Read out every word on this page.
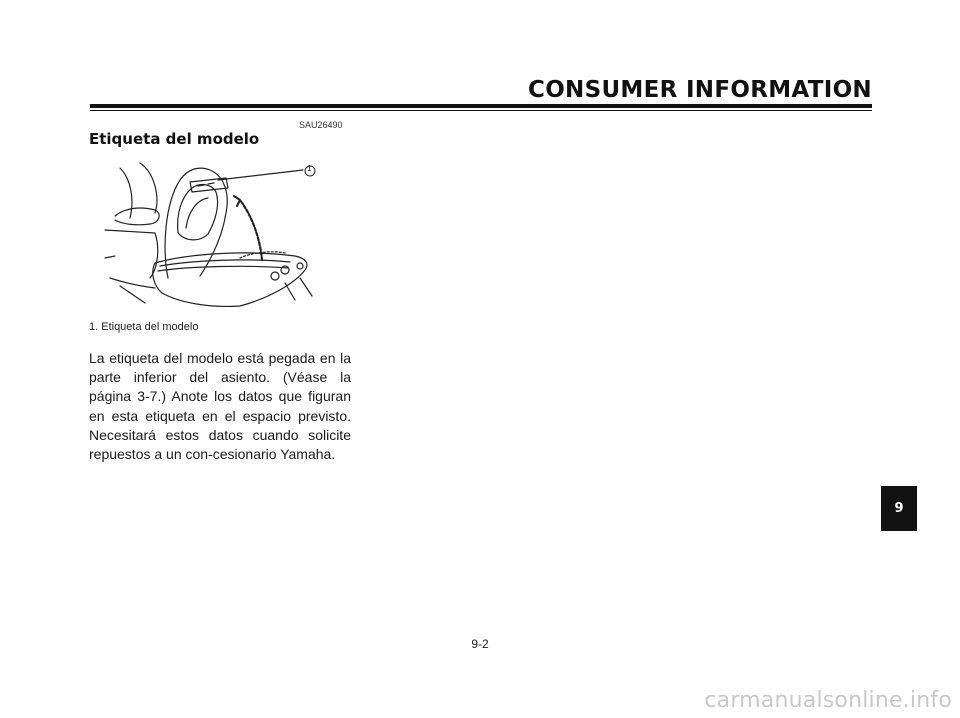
CONSUMER INFORMATION
SAU26490
Etiqueta del modelo
1
1. Etiqueta del modelo

La etiqueta del modelo está pegada en la parte inferior del asiento. (Véase la página 3-7.) Anote los datos que figuran en esta etiqueta en el espacio previsto. Necesitará estos datos cuando solicite repuestos a un con-cesionario Yamaha.

9
9-2
carmanualsonline.info
